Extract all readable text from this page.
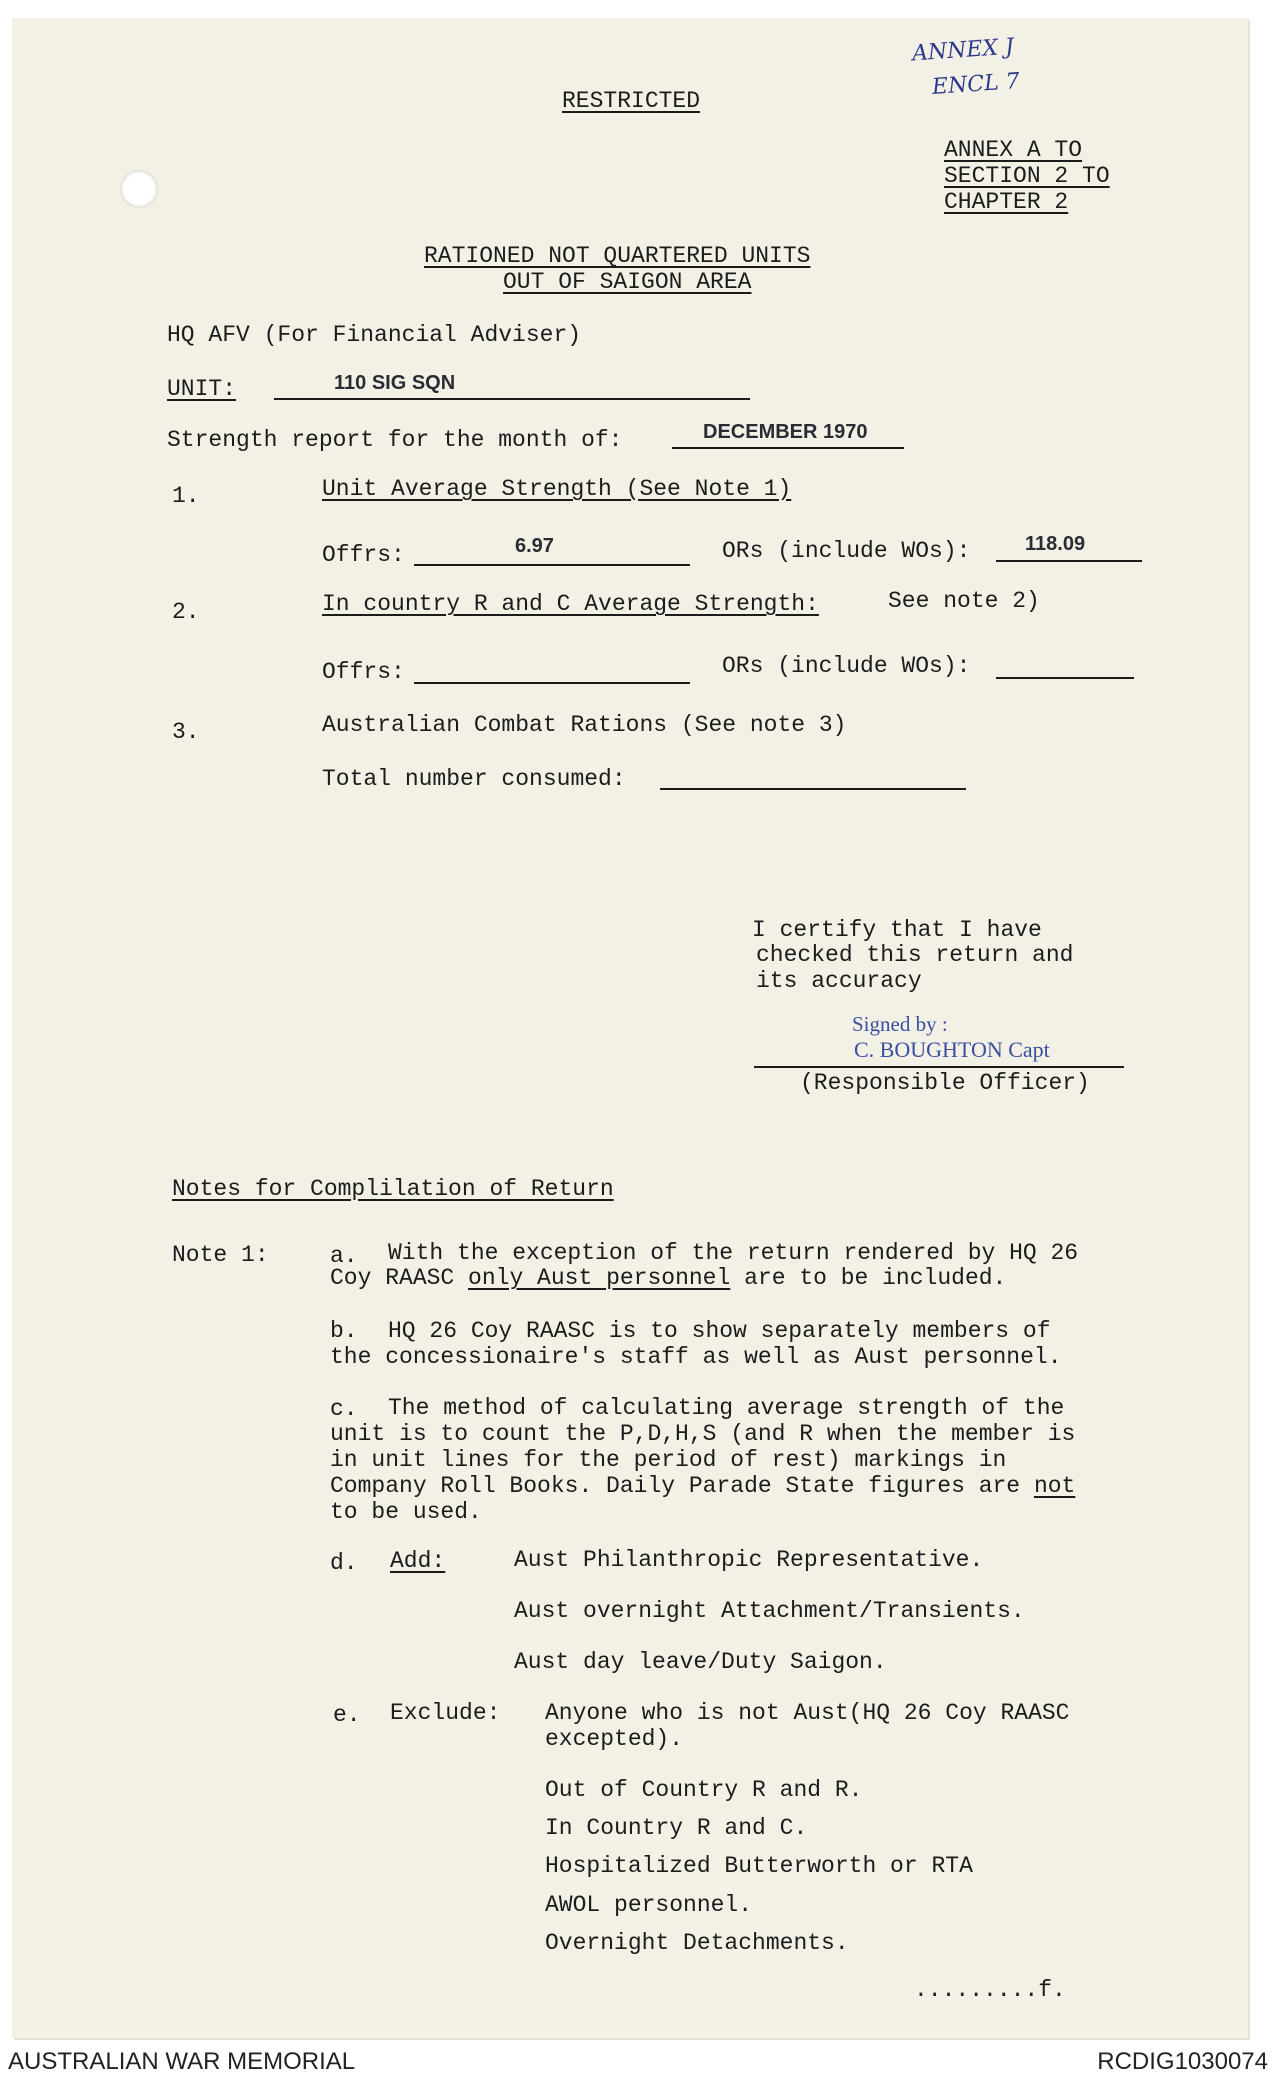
ANNEX J
ENCL 7
RESTRICTED
ANNEX A TO
SECTION 2 TO
CHAPTER 2
RATIONED NOT QUARTERED UNITS
OUT OF SAIGON AREA
HQ AFV (For Financial Adviser)
UNIT:	110 SIG SQN
Strength report for the month of:	DECEMBER 1970
1.	Unit Average Strength (See Note 1)
Offrs:	6.97	ORs (include WOs):	118.09
2.	In country R and C Average Strength:	See note 2)
Offrs:	ORs (include WOs):
3.	Australian Combat Rations (See note 3)
Total number consumed:
I certify that I have
checked this return and
its accuracy
Signed by :
C. BOUGHTON Capt
(Responsible Officer)
Notes for Complilation of Return
Note 1:	a. With the exception of the return rendered by HQ 26
Coy RAASC only Aust personnel are to be included.
b. HQ 26 Coy RAASC is to show separately members of
the concessionaire's staff as well as Aust personnel.
c. The method of calculating average strength of the
unit is to count the P,D,H,S (and R when the member is
in unit lines for the period of rest) markings in
Company Roll Books. Daily Parade State figures are not
to be used.
d. Add:	Aust Philanthropic Representative.
Aust overnight Attachment/Transients.
Aust day leave/Duty Saigon.
e. Exclude: Anyone who is not Aust(HQ 26 Coy RAASC
excepted).
Out of Country R and R.
In Country R and C.
Hospitalized Butterworth or RTA
AWOL personnel.
Overnight Detachments.
.........f.
AUSTRALIAN WAR MEMORIAL	RCDIG1030074
